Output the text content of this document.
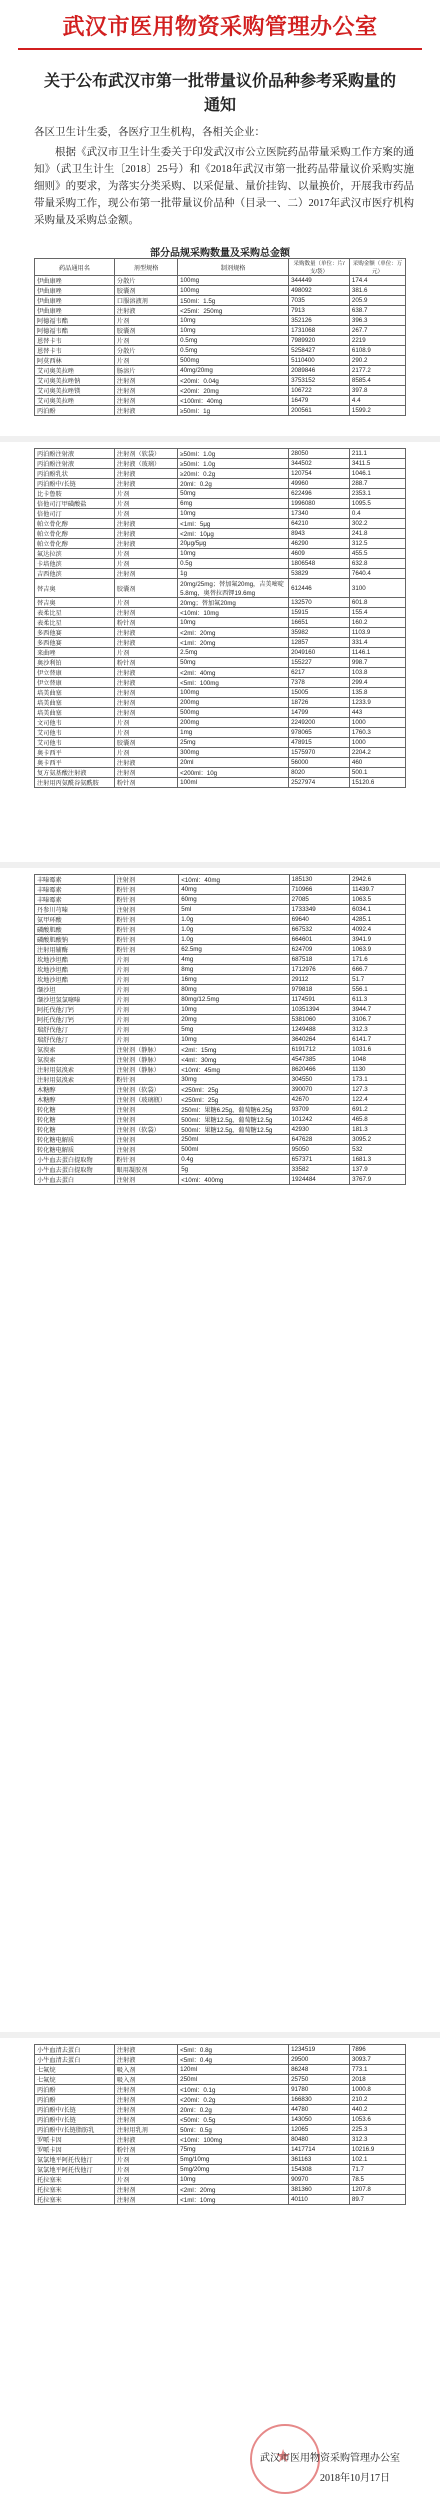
武汉市医用物资采购管理办公室
关于公布武汉市第一批带量议价品种参考采购量的通知
各区卫生计生委，各医疗卫生机构，各相关企业：
根据《武汉市卫生计生委关于印发武汉市公立医院药品带量采购工作方案的通知》（武卫生计生〔2018〕25号）和《2018年武汉市第一批药品带量议价采购实施细则》的要求，为落实分类采购、以采促量、量价挂钩、以量换价，开展我市药品带量采购工作，现公布第一批带量议价品种（目录一、二）2017年武汉市医疗机构采购量及采购总金额。
部分品规采购数量及采购总金额
药品通用名	剂型规格	制剂规格	采购数量（单位：片/支/袋）	采购金额（单位：万元）
伊曲康唑	分散片	100mg	344449	174.4
伊曲康唑	胶囊剂	100mg	498092	381.6
伊曲康唑	口服溶液剂	150ml：1.5g	7035	205.9
伊曲康唑	注射液	<25ml：250mg	7913	638.7
阿德福韦酯	片剂	10mg	352126	396.3
阿德福韦酯	胶囊剂	10mg	1731068	267.7
恩替卡韦	片剂	0.5mg	7989920	2219
恩替卡韦	分散片	0.5mg	5258427	6108.9
阿莫西林	片剂	500mg	5110400	290.2
艾司奥美拉唑	肠溶片	40mg/20mg	2089846	2177.2
艾司奥美拉唑钠	注射剂	<20ml：0.04g	3753152	8585.4
艾司奥美拉唑镁	注射剂	<20ml：20mg	106722	397.8
艾司奥美拉唑	注射剂	<100ml：40mg	16479	4.4
丙泊酚	注射液	≥50ml：1g	200561	1599.2
丙泊酚注射液	注射剂（软袋）	≥50ml：1.0g	28050	211.1
丙泊酚注射液	注射液（玻璃）	≥50ml：1.0g	344502	3411.5
丙泊酚乳状	注射液	≥20ml：0.2g	120754	1046.1
丙泊酚中/长链	注射液	20ml：0.2g	49960	288.7
比卡鲁胺	片剂	50mg	622496	2353.1
倍他司汀甲磺酸盐	片剂	6mg	1996080	1095.5
倍他司汀	片剂	10mg	17340	0.4
帕立骨化醇	注射液	<1ml：5μg	64210	302.2
帕立骨化醇	注射液	<2ml：10μg	8943	241.8
帕立骨化醇	注射液	20μg/5μg	46290	312.5
氟达拉滨	片剂	10mg	4609	455.5
卡培他滨	片剂	0.5g	1806548	632.8
吉西他滨	注射剂	1g	53829	7640.4
替吉奥	胶囊剂	20mg/25mg；替加氟20mg，吉美嘧啶5.8mg，奥替拉西钾19.6mg	612446	3100
替吉奥	片剂	20mg；替加氟20mg	132570	601.8
表柔比星	注射剂	<10ml：10mg	15915	155.4
表柔比星	粉针剂	10mg	16651	160.2
多西他赛	注射液	<2ml：20mg	35982	1103.9
多西他赛	注射液	<1ml：20mg	12857	331.4
来曲唑	片剂	2.5mg	2049160	1146.1
奥沙利铂	粉针剂	50mg	155227	998.7
伊立替康	注射液	<2ml：40mg	6217	103.8
伊立替康	注射液	<5ml：100mg	7378	299.4
培美曲塞	注射剂	100mg	15005	135.8
培美曲塞	注射剂	200mg	18726	1233.9
培美曲塞	注射剂	500mg	14799	443
文司他韦	片剂	200mg	2249200	1000
艾司他韦	片剂	1mg	978065	1760.3
艾司他韦	胶囊剂	25mg	478915	1000
奥卡西平	片剂	300mg	1575970	2204.2
奥卡西平	注射液	20ml	56000	460
复方氨基酸注射液	注射剂	<200ml：10g	8020	500.1
注射用丙氨酰谷氨酰胺	粉针剂	100ml	2527974	15120.6
丰嗪霉素	注射剂	<10ml：40mg	185130	2942.6
丰嗪霉素	粉针剂	40mg	710966	11439.7
丰嗪霉素	粉针剂	60mg	27085	1063.5
丹参川芎嗪	注射剂	5ml	1733349	6034.1
氨甲环酸	粉针剂	1.0g	69640	4285.1
磷酸肌酸	粉针剂	1.0g	667532	4092.4
磷酸肌酸钠	粉针剂	1.0g	664601	3941.9
注射用辅酶	粉针剂	62.5mg	624709	1063.9
坎地沙坦酯	片剂	4mg	687518	171.6
坎地沙坦酯	片剂	8mg	1712976	666.7
坎地沙坦酯	片剂	16mg	29112	51.7
缬沙坦	片剂	80mg	979818	556.1
缬沙坦氢氯噻嗪	片剂	80mg/12.5mg	1174591	611.3
阿托伐他汀钙	片剂	10mg	10351394	3944.7
阿托伐他汀钙	片剂	20mg	5381060	3106.7
瑞舒伐他汀	片剂	5mg	1249488	312.3
瑞舒伐他汀	片剂	10mg	3640264	6141.7
氨溴索	注射剂（静脉）	<2ml：15mg	6191712	1031.6
氨溴索	注射剂（静脉）	<4ml：30mg	4547385	1048
注射用氨溴索	注射剂（静脉）	<10ml：45mg	8620466	1130
注射用氨溴索	粉针剂	30mg	304550	173.1
木糖醇	注射剂（软袋）	<250ml：25g	390070	127.3
木糖醇	注射剂（玻璃瓶）	<250ml：25g	42670	122.4
转化糖	注射剂	250ml：果糖6.25g，葡萄糖6.25g	93709	691.2
转化糖	注射剂	500ml：果糖12.5g，葡萄糖12.5g	101242	465.8
转化糖	注射剂（软袋）	500ml：果糖12.5g，葡萄糖12.5g	42930	181.3
转化糖电解质	注射剂	250ml	647628	3095.2
转化糖电解质	注射剂	500ml	95050	532
小牛血去蛋白提取物	粉针剂	0.4g	657371	1681.3
小牛血去蛋白提取物	眼用凝胶剂	5g	33582	137.9
小牛血去蛋白	注射剂	<10ml：400mg	1924484	3767.9
小牛血清去蛋白	注射液	<5ml：0.8g	1234519	7896
小牛血清去蛋白	注射液	<5ml：0.4g	29500	3093.7
七氟烷	吸入剂	120ml	86248	773.1
七氟烷	吸入剂	250ml	25750	2018
丙泊酚	注射剂	<10ml：0.1g	91780	1000.8
丙泊酚	注射剂	<20ml：0.2g	166830	210.2
丙泊酚中/长链	注射剂	20ml：0.2g	44780	440.2
丙泊酚中/长链	注射剂	<50ml：0.5g	143050	1053.6
丙泊酚中/长链脂肪乳	注射用乳剂	50ml：0.5g	12065	225.3
罗哌卡因	注射液	<10ml：100mg	80480	312.3
罗哌卡因	粉针剂	75mg	1417714	10216.9
氨氯地平阿托伐他汀	片剂	5mg/10mg	361163	102.1
氨氯地平阿托伐他汀	片剂	5mg/20mg	154308	71.7
托拉塞米	片剂	10mg	90970	78.5
托拉塞米	注射剂	<2ml：20mg	381360	1207.8
托拉塞米	注射剂	<1ml：10mg	40110	89.7
★
武汉市医用物资采购管理办公室
2018年10月17日
